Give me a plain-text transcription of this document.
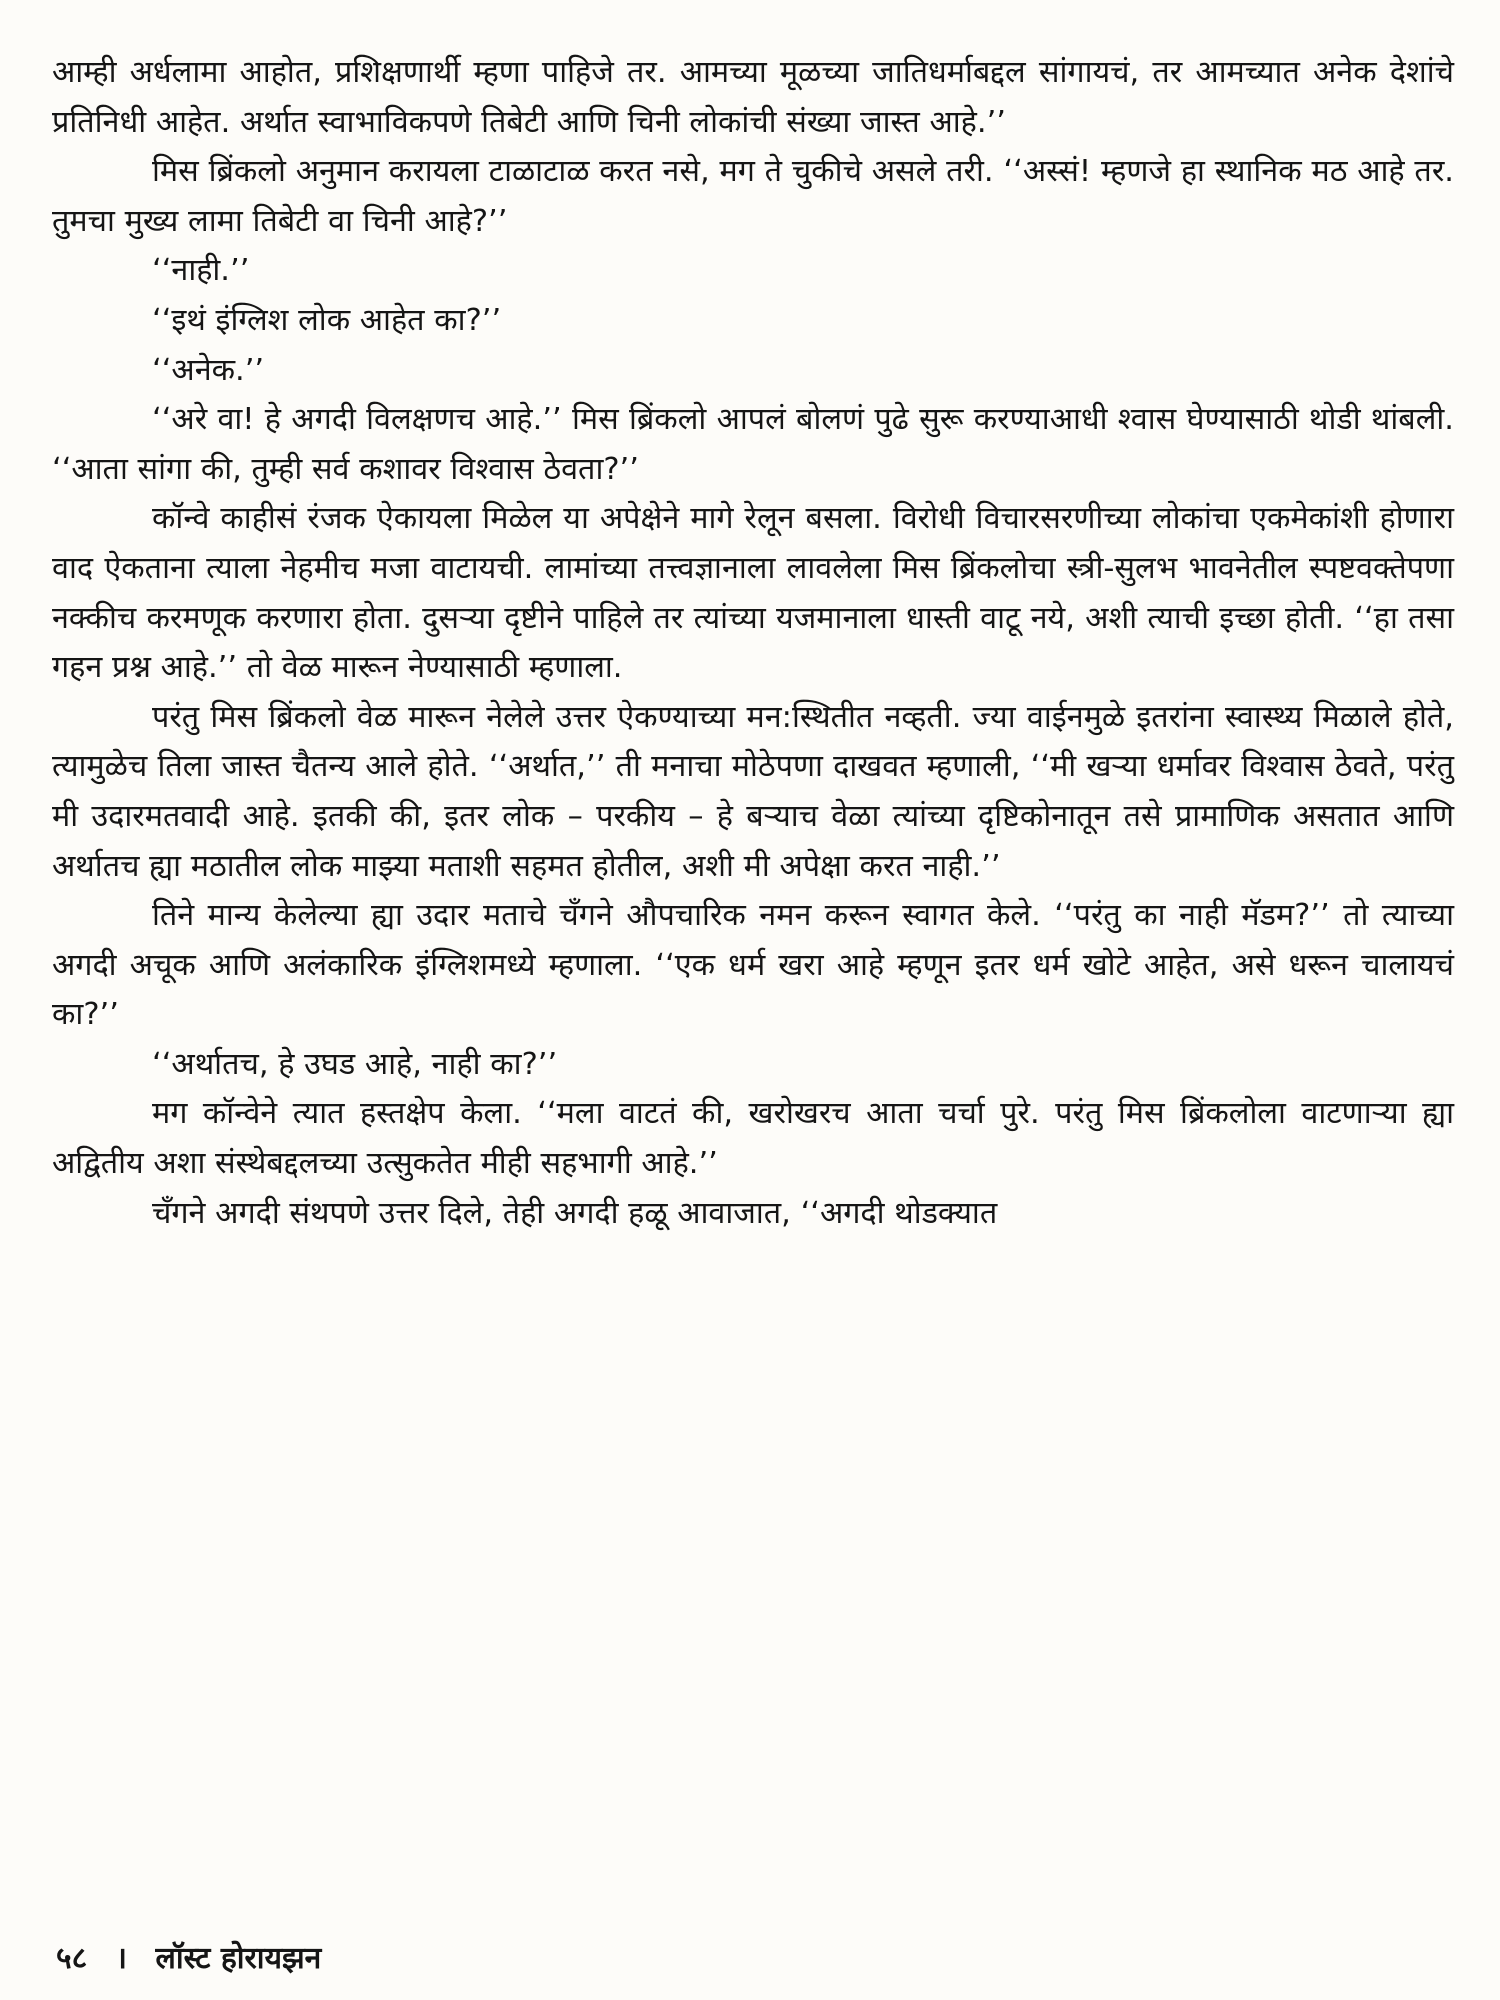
आम्ही अर्धलामा आहोत, प्रशिक्षणार्थी म्हणा पाहिजे तर. आमच्या मूळच्या जातिधर्माबद्दल सांगायचं, तर आमच्यात अनेक देशांचे प्रतिनिधी आहेत. अर्थात स्वाभाविकपणे तिबेटी आणि चिनी लोकांची संख्या जास्त आहे.’’

मिस ब्रिंकलो अनुमान करायला टाळाटाळ करत नसे, मग ते चुकीचे असले तरी. ‘‘अस्सं! म्हणजे हा स्थानिक मठ आहे तर. तुमचा मुख्य लामा तिबेटी वा चिनी आहे?’’

‘‘नाही.’’

‘‘इथं इंग्लिश लोक आहेत का?’’

‘‘अनेक.’’

‘‘अरे वा! हे अगदी विलक्षणच आहे.’’ मिस ब्रिंकलो आपलं बोलणं पुढे सुरू करण्याआधी श्वास घेण्यासाठी थोडी थांबली. ‘‘आता सांगा की, तुम्ही सर्व कशावर विश्वास ठेवता?’’

कॉन्वे काहीसं रंजक ऐकायला मिळेल या अपेक्षेने मागे रेलून बसला. विरोधी विचारसरणीच्या लोकांचा एकमेकांशी होणारा वाद ऐकताना त्याला नेहमीच मजा वाटायची. लामांच्या तत्त्वज्ञानाला लावलेला मिस ब्रिंकलोचा स्त्री-सुलभ भावनेतील स्पष्टवक्तेपणा नक्कीच करमणूक करणारा होता. दुसऱ्या दृष्टीने पाहिले तर त्यांच्या यजमानाला धास्ती वाटू नये, अशी त्याची इच्छा होती. ‘‘हा तसा गहन प्रश्न आहे.’’ तो वेळ मारून नेण्यासाठी म्हणाला.

परंतु मिस ब्रिंकलो वेळ मारून नेलेले उत्तर ऐकण्याच्या मन:स्थितीत नव्हती. ज्या वाईनमुळे इतरांना स्वास्थ्य मिळाले होते, त्यामुळेच तिला जास्त चैतन्य आले होते. ‘‘अर्थात,’’ ती मनाचा मोठेपणा दाखवत म्हणाली, ‘‘मी खऱ्या धर्मावर विश्वास ठेवते, परंतु मी उदारमतवादी आहे. इतकी की, इतर लोक – परकीय – हे बऱ्याच वेळा त्यांच्या दृष्टिकोनातून तसे प्रामाणिक असतात आणि अर्थातच ह्या मठातील लोक माझ्या मताशी सहमत होतील, अशी मी अपेक्षा करत नाही.’’

तिने मान्य केलेल्या ह्या उदार मताचे चँगने औपचारिक नमन करून स्वागत केले. ‘‘परंतु का नाही मॅडम?’’ तो त्याच्या अगदी अचूक आणि अलंकारिक इंग्लिशमध्ये म्हणाला. ‘‘एक धर्म खरा आहे म्हणून इतर धर्म खोटे आहेत, असे धरून चालायचं का?’’

‘‘अर्थातच, हे उघड आहे, नाही का?’’

मग कॉन्वेने त्यात हस्तक्षेप केला. ‘‘मला वाटतं की, खरोखरच आता चर्चा पुरे. परंतु मिस ब्रिंकलोला वाटणाऱ्या ह्या अद्वितीय अशा संस्थेबद्दलच्या उत्सुकतेत मीही सहभागी आहे.’’

चँगने अगदी संथपणे उत्तर दिले, तेही अगदी हळू आवाजात, ‘‘अगदी थोडक्यात

५८ । लॉस्ट होरायझन
